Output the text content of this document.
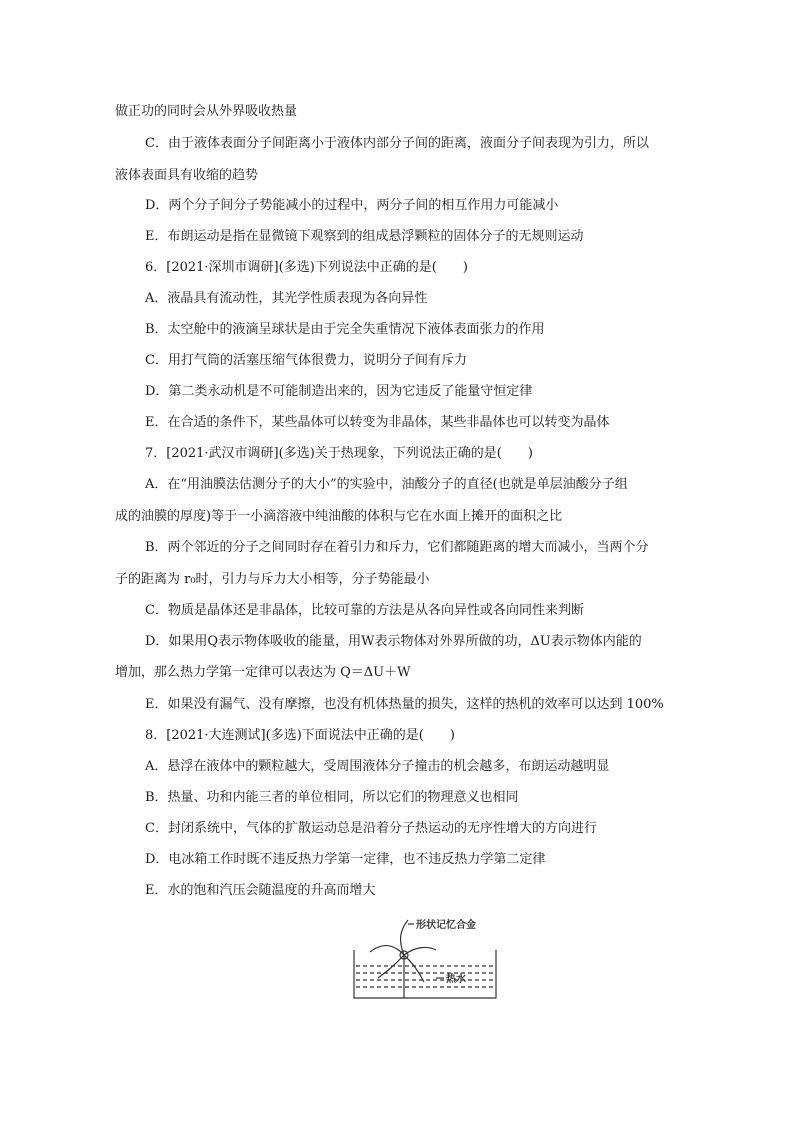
做正功的同时会从外界吸收热量
C．由于液体表面分子间距离小于液体内部分子间的距离，液面分子间表现为引力，所以
液体表面具有收缩的趋势
D．两个分子间分子势能减小的过程中，两分子间的相互作用力可能减小
E．布朗运动是指在显微镜下观察到的组成悬浮颗粒的固体分子的无规则运动
6．[2021·深圳市调研](多选)下列说法中正确的是(　　)
A．液晶具有流动性，其光学性质表现为各向异性
B．太空舱中的液滴呈球状是由于完全失重情况下液体表面张力的作用
C．用打气筒的活塞压缩气体很费力，说明分子间有斥力
D．第二类永动机是不可能制造出来的，因为它违反了能量守恒定律
E．在合适的条件下，某些晶体可以转变为非晶体，某些非晶体也可以转变为晶体
7．[2021·武汉市调研](多选)关于热现象，下列说法正确的是(　　)
A．在“用油膜法估测分子的大小”的实验中，油酸分子的直径(也就是单层油酸分子组
成的油膜的厚度)等于一小滴溶液中纯油酸的体积与它在水面上摊开的面积之比
B．两个邻近的分子之间同时存在着引力和斥力，它们都随距离的增大而减小，当两个分
子的距离为 r₀时，引力与斥力大小相等，分子势能最小
C．物质是晶体还是非晶体，比较可靠的方法是从各向异性或各向同性来判断
D．如果用Q表示物体吸收的能量，用W表示物体对外界所做的功，ΔU表示物体内能的
增加，那么热力学第一定律可以表达为 Q＝ΔU＋W
E．如果没有漏气、没有摩擦，也没有机体热量的损失，这样的热机的效率可以达到 100%
8．[2021·大连测试](多选)下面说法中正确的是(　　)
A．悬浮在液体中的颗粒越大，受周围液体分子撞击的机会越多，布朗运动越明显
B．热量、功和内能三者的单位相同，所以它们的物理意义也相同
C．封闭系统中，气体的扩散运动总是沿着分子热运动的无序性增大的方向进行
D．电冰箱工作时既不违反热力学第一定律，也不违反热力学第二定律
E．水的饱和汽压会随温度的升高而增大
形状记忆合金
热水
